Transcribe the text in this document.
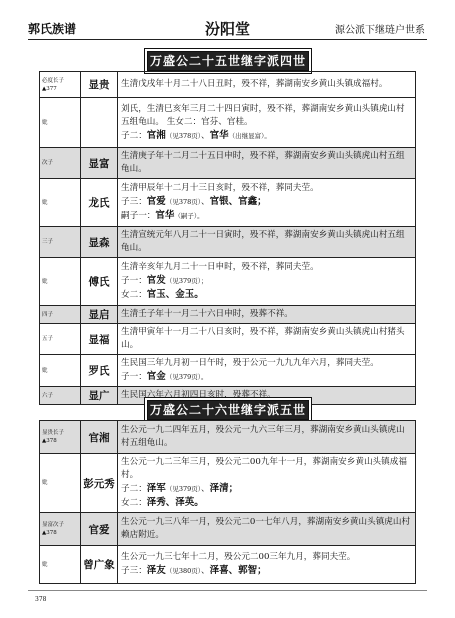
郭氏族谱	汾阳堂	源公派下继琏户世系
万盛公二十五世继字派四世
必度长子
▲377	显贵	生清戊戌年十月二十八日丑时，殁不祥，葬湖南安乡黄山头镇成福村。

妣		刘氏，生清巳亥年三月二十四日寅时，殁不祥，葬湖南安乡黄山头镇虎山村五组龟山。 生女二：官芬、官桂。
子二：官湘（见378页）、官华（出继显富）。

次子	显富	生清庚子年十二月二十五日申时，殁不祥，葬湖南安乡黄山头镇虎山村五组龟山。

妣	龙氏	生清甲辰年十二月十三日亥时，殁不祥，葬同夫茔。
子三：官爱（见378页）、官银、官鑫；
嗣子一：官华（嗣子）。

三子	显森	生清宣统元年八月二十一日寅时，殁不祥，葬湖南安乡黄山头镇虎山村五组龟山。

妣	傅氏	生清辛亥年九月二十一日申时，殁不祥，葬同夫茔。
子一：官发（见379页）；
女二：官玉、金玉。

四子	显启	生清壬子年十一月二十六日申时，殁葬不祥。

五子	显福	生清甲寅年十一月二十八日亥时，殁不祥，葬湖南安乡黄山头镇虎山村猪头山。

妣	罗氏	生民国三年九月初一日午时，殁于公元一九九九年六月，葬同夫茔。
子一：官金（见379页）。

六子	显广	生民国六年六月初四日亥时，殁葬不祥。
万盛公二十六世继字派五世
显贵长子
▲378	官湘	生公元一九二四年五月，殁公元一九六三年三月，葬湖南安乡黄山头镇虎山村五组龟山。

妣	彭元秀	生公元一九二三年三月，殁公元二00九年十一月，葬湖南安乡黄山头镇成福村。
子二：泽军（见379页）、泽清；
女二：泽秀、泽英。

显富次子
▲378	官爱	生公元一九三八年一月，殁公元二0一七年八月，葬湖南安乡黄山头镇虎山村赖店附近。

妣	曾广象	生公元一九三七年十二月，殁公元二00三年九月，葬同夫茔。
子三：泽友（见380页）、泽喜、郭智；
378
